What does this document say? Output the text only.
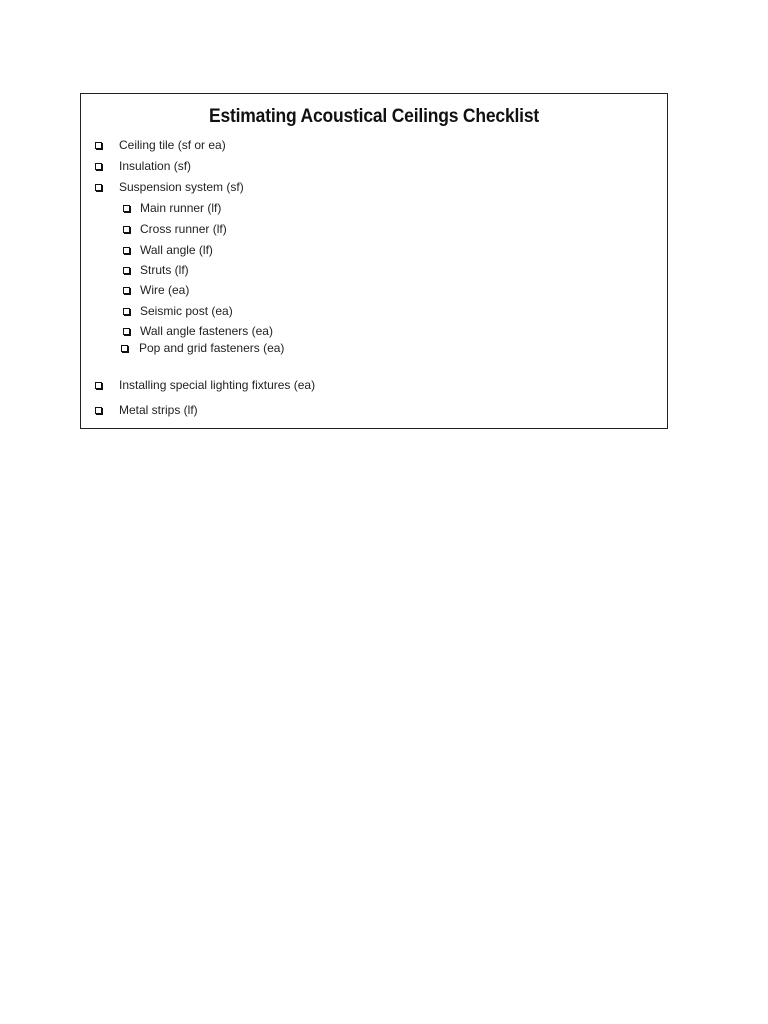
Estimating Acoustical Ceilings Checklist
Ceiling tile (sf or ea)
Insulation (sf)
Suspension system (sf)
Main runner (lf)
Cross runner (lf)
Wall angle (lf)
Struts (lf)
Wire (ea)
Seismic post (ea)
Wall angle fasteners (ea)
Pop and grid fasteners (ea)
Installing special lighting fixtures (ea)
Metal strips (lf)
